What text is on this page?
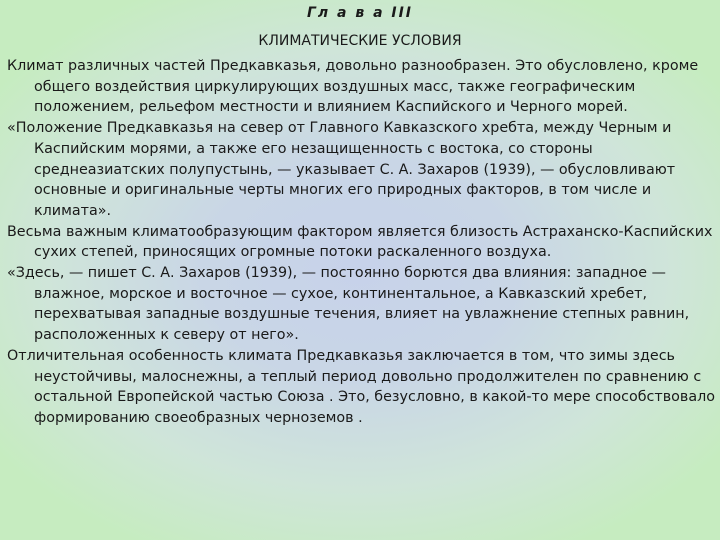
Гл а в а III
КЛИМАТИЧЕСКИЕ УСЛОВИЯ

Климат различных частей Предкавказья, довольно разнообразен. Это обусловлено, кроме общего воздействия циркулирующих воздушных масс, также географическим положением, рельефом местности и влиянием Каспийского и Черного морей.

«Положение Предкавказья на север от Главного Кавказского хребта, между Черным и Каспийским морями, а также его незащищенность с востока, со стороны среднеазиатских полупустынь, — указывает С. А. Захаров (1939), — обусловливают основные и оригинальные черты многих его природных факторов, в том числе и климата».

Весьма важным климатообразующим фактором является близость Астраханско-Каспийских сухих степей, приносящих огромные потоки раскаленного воздуха.

«Здесь, — пишет С. А. Захаров (1939), — постоянно борются два влияния: западное — влажное, морское и восточное — сухое, континентальное, а Кавказский хребет, перехватывая западные воздушные течения, влияет на увлажнение степных равнин, расположенных к северу от него».

Отличительная особенность климата Предкавказья заключается в том, что зимы здесь неустойчивы, малоснежны, а теплый период довольно продолжителен по сравнению с остальной Европейской частью Союза . Это, безусловно, в какой-то мере способствовало формированию своеобразных черноземов .
